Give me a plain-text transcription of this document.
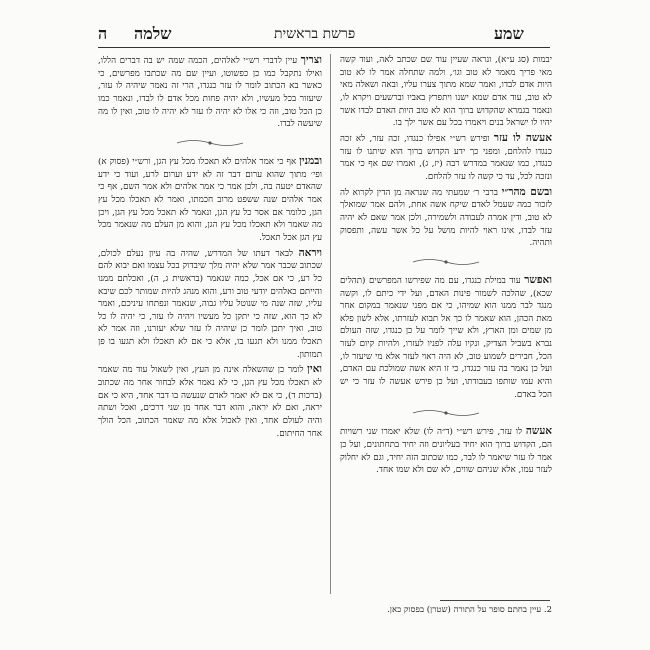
שמע
פרשת בראשית
שלמה
ה

יבמות (סג ע״א), ונראה שעיין עוד שם שכתב לאה, ועוד קשה מאי פריך מאמר לא טוב וגו׳, ולמה שתחלה אמר לו לא טוב היות אדם לבדו, ואמר שמא מתוך צערו עליו, ובאה ושאלה מאי לא טוב, עוד אדם שמא ישנו ויתפרץ באביו וברשעים ויקרא לו, ונאמר בגמרא שהקדוש ברוך הוא לא טוב היות האדם לבדו אשר יהיו לו ישראל בנים ויאמרו בכל עם אשר ילך בו.

אעשה לו עזר ופירש רש״י אפילו כנגדו, זכה עזר, לא זכה כנגדו להלחם, ומפני כך ידע הקדוש ברוך הוא שיתנו לו עזר כנגדו, כמו שנאמר במדרש רבה (יז, ג), ואמרו שם אף כי אמר ונזכה לכל, עד כי קשה לו עזר להלחם.

ובשם מהר״י ברבי ר׳ שמעתי מה שנראה מן הדין לקרוא לה לזכור כמה שעמל לאדם שיקח אשה אחת, ולהם אמר שמואלך לא טוב, ודין אמרה לעבודה ולשמירה, ולכן אמר שאם לא יהיה עזר לבדו, אינו ראוי להיות מושל על כל אשר עשה, ותפסוק ותהיה.

ואפשר עוד במילת כנגדו, עם מה שפירשו המפרשים (תהלים שכא), שהלכה לשמור פינות האדם, ועל ידי כיתם לו, וקשה מנגד לבר ממנו הוא שמיהו, כי אם מפני שנאמר במקום אחר מאת הכהן, הוא שאמר לו כך אל תבוא לעזרתו, אלא לשון פלא מן שמים ומן הארץ, ולא שייך לומר על כן כנגדו, שזה העולם נברא בשביל הצדיק, ונקיו עלה לפניו לעזרו, ולהיות קיום לעזר הכל, חבירים לשמוע טוב, לא היה ראוי לעזר אלא מי שיעזר לו, ועל כן נאמר בה עזר כנגדו, כי זו היא אשה שמולכת עם האדם, והיא עמו שותפו בעבודתו, ועל כן פירש אעשה לו עזר כי יש הכל באדם.

אעשה לו עזר, פירש רש״י (ד״ה לו) שלא יאמרו שני רשויות הם, הקדוש ברוך הוא יחיד בעליונים וזה יחיד בתחתונים, ועל כן אמר לו עזר שיאמר לו לבר, כמו שכתוב הזה יחיד, וגם לא יחלוק לעזר עמו, אלא שניהם שווים, לא שם ולא שמו אחד.

וצריך עיין לדברי רש״י לאלהים, הכמה שמה יש בה דברים הללו, ואילו נתקבל כמו כן כפשוטו, ועיין שם מה שכתבו מפרשים, כי כאשר בא הכתוב לומר לו עזר כנגדו, הרי זה נאמר שיהיה לו עזר, שיעזור בכל מעשיו, ולא יהיה פחות מכל אדם לו לבדו, ונאמר כמו כן הכל טוב, וזה כי אלו לא יהיה לו עזר לא יהיה לו טוב, ואין לו מה שיעשה לבדו.

ובמנין אף כי אמר אלהים לא תאכלו מכל עץ הגן, ורש״י (פסוק א) ופי׳ מתוך שהוא ערום דבר זה לא ידע וערום לרע, ועוד כי ידע שהאדם יטעה בה, ולכן אמר כי אמר אלהים ולא אמר השם, אף כי אמר אלהים שנה ששפט מרוב חכמתו, ואמר לא תאכלו מכל עץ הגן, כלומר אם אסר כל עץ הגן, ונאמר לא תאכל מכל עץ הגן, ויכן מה שאמר ולא תאכלו מכל עץ הגן, והוא מן העלם מה שנאמר מכל עץ הגן אכל תאכל.

ויראה לבאר דעתו של המדרש, שהיה בה עיון נעלם לכולם, שכתוב שכבר אמר שלא יהיה מלך שיבדוק בכל עצמו ואם יבוא להם כל רע, כי אם אכל, כמה שנאמר (בראשית ג, ה), ואכלתם ממנו והייתם כאלהים יודעי טוב ורע, והוא מנהג להיות שמותר לכם שיבא עליו, שזה שנה מי שנוטל עליו גבוה, שנאמר ונפתחו עיניכם, ואמר לא כך הוא, שזה כי יתקן כל מעשיו ויהיה לו עזר, כי יהיה לו כל טוב, ואיך יתכן לומר כן שיהיה לו עזר שלא יעזרנו, וזה אמר לא תאכלו ממנו ולא תגעו בו, אלא כי אם לא תאכלו ולא תגעו בו פן תמותון.

ואין לומר כן שהשאלה אינה מן העץ, ואין לשאול עוד מה שאמר לא תאכלו מכל עץ הגן, כי לא נאמר אלא לבחור אחר מה שכתוב (ברכות ד), כי אם לא יאמר לאדם שנעשה בו דבר אחד, היא כי אם יראה, ואם לא יראה, והוא דבר אחד מן שני דרכים, ואכל ושתה והיה לעולם אחד, ואין לאכול אלא מה שאמר הכתוב, הכל הולך אחר החיתום.

2. עיין בחתם סופר על התורה (שטרן) בפסוק כאן.
